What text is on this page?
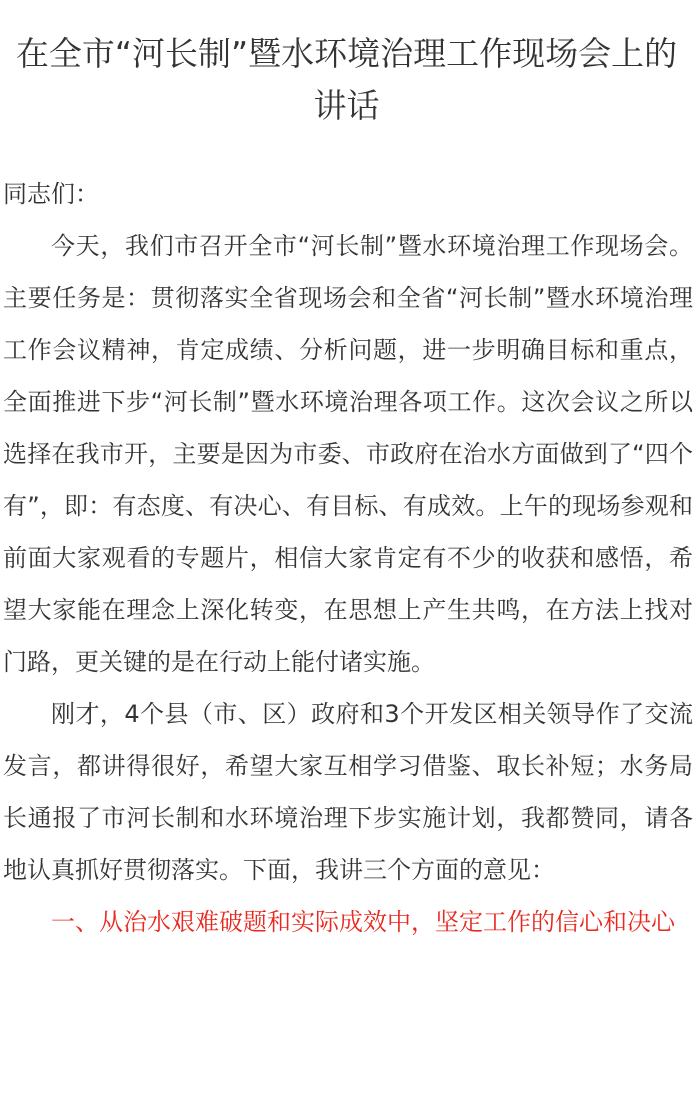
在全市“河长制”暨水环境治理工作现场会上的讲话

同志们：

今天，我们市召开全市“河长制”暨水环境治理工作现场会。主要任务是：贯彻落实全省现场会和全省“河长制”暨水环境治理工作会议精神，肯定成绩、分析问题，进一步明确目标和重点，全面推进下步“河长制”暨水环境治理各项工作。这次会议之所以选择在我市开，主要是因为市委、市政府在治水方面做到了“四个有”，即：有态度、有决心、有目标、有成效。上午的现场参观和前面大家观看的专题片，相信大家肯定有不少的收获和感悟，希望大家能在理念上深化转变，在思想上产生共鸣，在方法上找对门路，更关键的是在行动上能付诸实施。

刚才，4个县（市、区）政府和3个开发区相关领导作了交流发言，都讲得很好，希望大家互相学习借鉴、取长补短；水务局长通报了市河长制和水环境治理下步实施计划，我都赞同，请各地认真抓好贯彻落实。下面，我讲三个方面的意见：

一、从治水艰难破题和实际成效中，坚定工作的信心和决心
